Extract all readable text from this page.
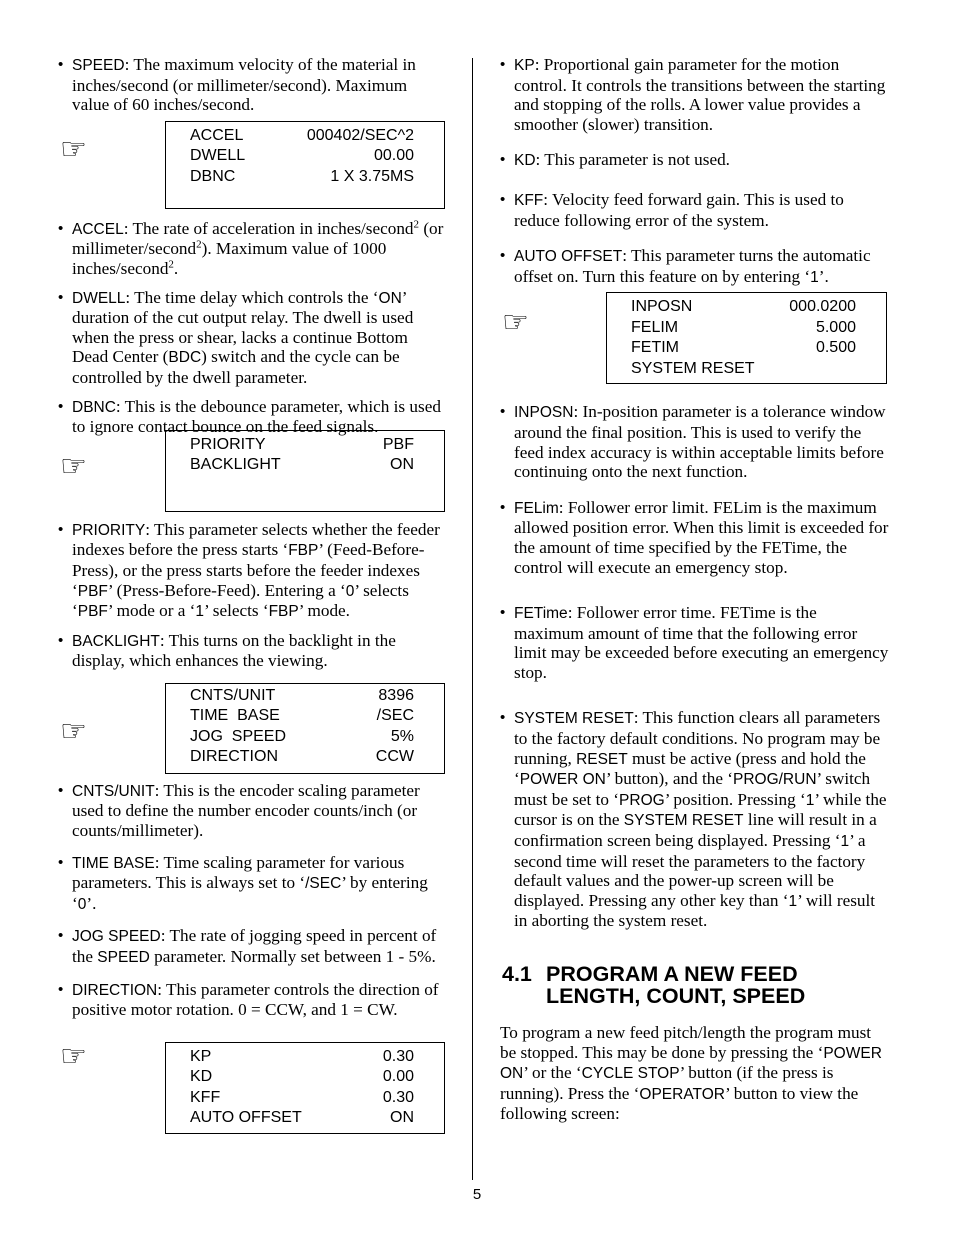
• SPEED: The maximum velocity of the material in inches/second (or millimeter/second). Maximum value of 60 inches/second.

☞	ACCEL	000402/SEC^2
DWELL	00.00
DBNC	1 X 3.75MS

• ACCEL: The rate of acceleration in inches/second$^2$ (or millimeter/second$^2$). Maximum value of 1000 inches/second$^2$.

• DWELL: The time delay which controls the ‘ON’ duration of the cut output relay. The dwell is used when the press or shear, lacks a continue Bottom Dead Center (BDC) switch and the cycle can be controlled by the dwell parameter.

• DBNC: This is the debounce parameter, which is used to ignore contact bounce on the feed signals.

☞
PRIORITY	PBF
BACKLIGHT	ON

• PRIORITY: This parameter selects whether the feeder indexes before the press starts ‘FBP’ (Feed-Before-Press), or the press starts before the feeder indexes ‘PBF’ (Press-Before-Feed). Entering a ‘0’ selects ‘PBF’ mode or a ‘1’ selects ‘FBP’ mode.

• BACKLIGHT: This turns on the backlight in the display, which enhances the viewing.

☞
CNTS/UNIT	8396
TIME  BASE	/SEC
JOG  SPEED	5%
DIRECTION	CCW

• CNTS/UNIT: This is the encoder scaling parameter used to define the number encoder counts/inch (or counts/millimeter).

• TIME BASE: Time scaling parameter for various parameters. This is always set to ‘/SEC’ by entering ‘0’.

• JOG SPEED: The rate of jogging speed in percent of the SPEED parameter. Normally set between 1 - 5%.

• DIRECTION: This parameter controls the direction of positive motor rotation. 0 = CCW, and 1 = CW.

☞	KP	0.30
KD	0.00
KFF	0.30
AUTO OFFSET	ON

• KP: Proportional gain parameter for the motion control. It controls the transitions between the starting and stopping of the rolls. A lower value provides a smoother (slower) transition.

• KD: This parameter is not used.

• KFF: Velocity feed forward gain. This is used to reduce following error of the system.

• AUTO OFFSET: This parameter turns the automatic offset on. Turn this feature on by entering ‘1’.

☞	INPOSN	000.0200
FELIM	5.000
FETIM	0.500
SYSTEM RESET

• INPOSN: In-position parameter is a tolerance window around the final position. This is used to verify the feed index accuracy is within acceptable limits before continuing onto the next function.

• FELim: Follower error limit. FELim is the maximum allowed position error. When this limit is exceeded for the amount of time specified by the FETime, the control will execute an emergency stop.

• FETime: Follower error time. FETime is the maximum amount of time that the following error limit may be exceeded before executing an emergency stop.

• SYSTEM RESET: This function clears all parameters to the factory default conditions. No program may be running, RESET must be active (press and hold the ‘POWER ON’ button), and the ‘PROG/RUN’ switch must be set to ‘PROG’ position. Pressing ‘1’ while the cursor is on the SYSTEM RESET line will result in a confirmation screen being displayed. Pressing ‘1’ a second time will reset the parameters to the factory default values and the power-up screen will be displayed. Pressing any other key than ‘1’ will result in aborting the system reset.

4.1 PROGRAM A NEW FEED
LENGTH, COUNT, SPEED

To program a new feed pitch/length the program must be stopped. This may be done by pressing the ‘POWER ON’ or the ‘CYCLE STOP’ button (if the press is running). Press the ‘OPERATOR’ button to view the following screen:

5
